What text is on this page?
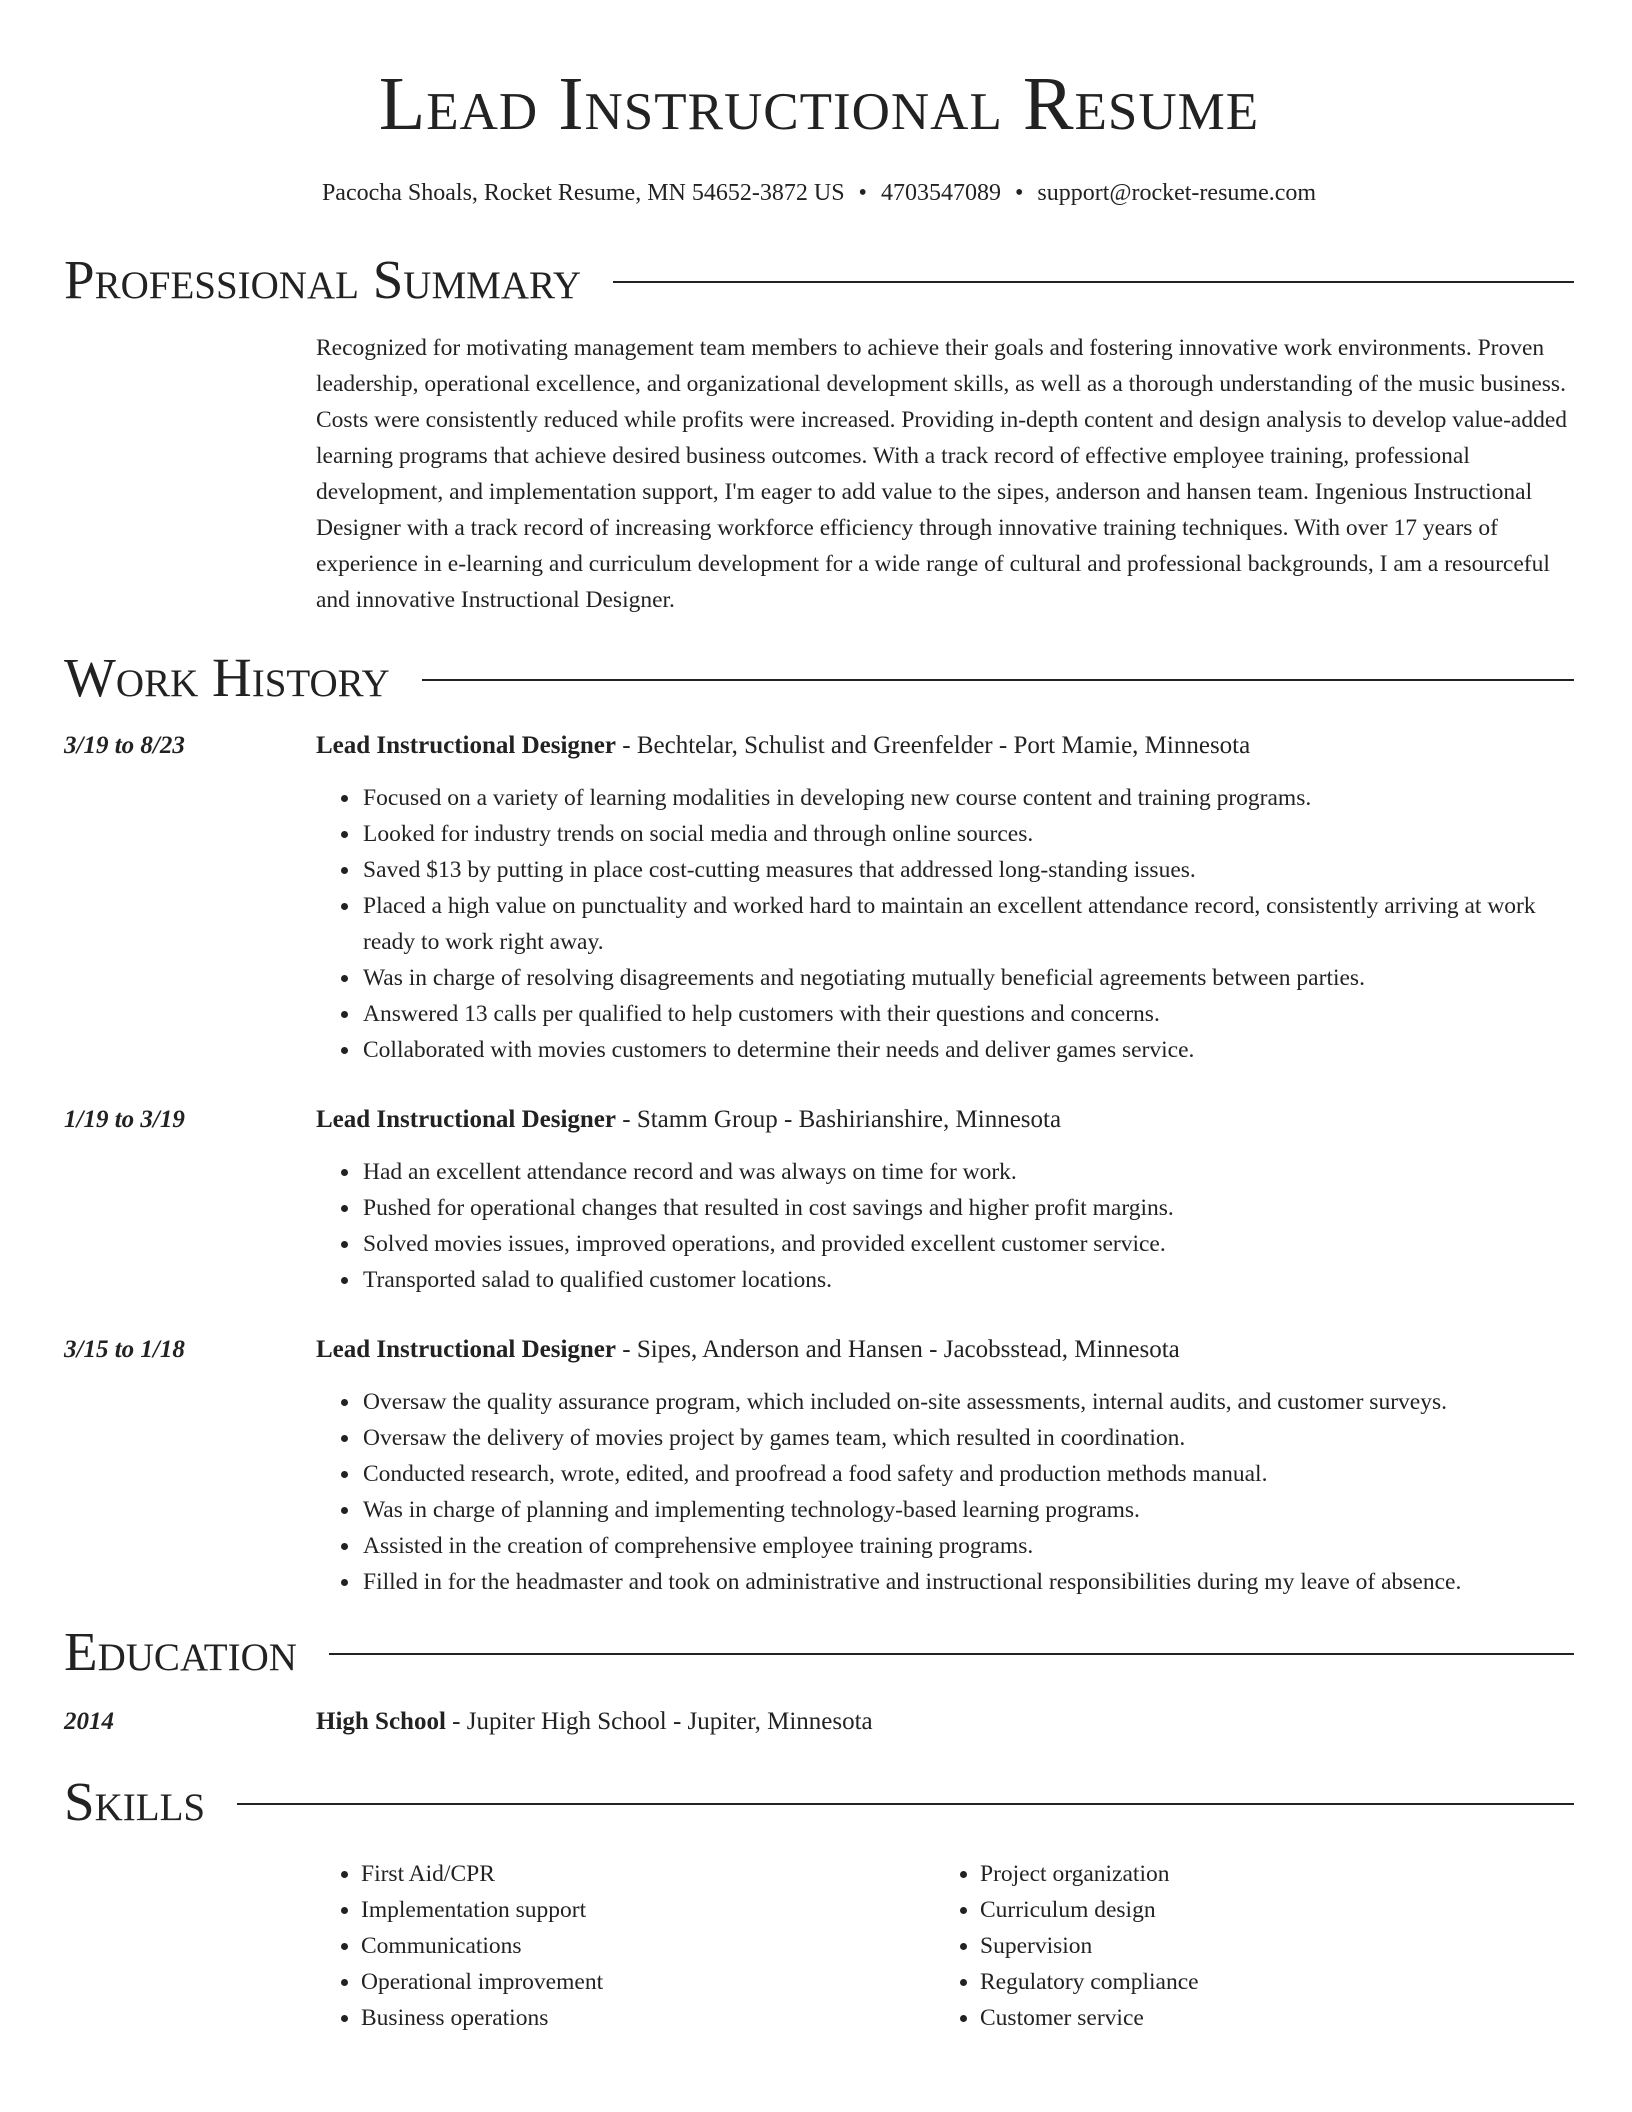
Lead Instructional Resume
Pacocha Shoals, Rocket Resume, MN 54652-3872 US • 4703547089 • support@rocket-resume.com
Professional Summary
Recognized for motivating management team members to achieve their goals and fostering innovative work environments. Proven leadership, operational excellence, and organizational development skills, as well as a thorough understanding of the music business. Costs were consistently reduced while profits were increased. Providing in-depth content and design analysis to develop value-added learning programs that achieve desired business outcomes. With a track record of effective employee training, professional development, and implementation support, I'm eager to add value to the sipes, anderson and hansen team. Ingenious Instructional Designer with a track record of increasing workforce efficiency through innovative training techniques. With over 17 years of experience in e-learning and curriculum development for a wide range of cultural and professional backgrounds, I am a resourceful and innovative Instructional Designer.
Work History
3/19 to 8/23	Lead Instructional Designer - Bechtelar, Schulist and Greenfelder - Port Mamie, Minnesota
• Focused on a variety of learning modalities in developing new course content and training programs.
• Looked for industry trends on social media and through online sources.
• Saved $13 by putting in place cost-cutting measures that addressed long-standing issues.
• Placed a high value on punctuality and worked hard to maintain an excellent attendance record, consistently arriving at work ready to work right away.
• Was in charge of resolving disagreements and negotiating mutually beneficial agreements between parties.
• Answered 13 calls per qualified to help customers with their questions and concerns.
• Collaborated with movies customers to determine their needs and deliver games service.
1/19 to 3/19	Lead Instructional Designer - Stamm Group - Bashirianshire, Minnesota
• Had an excellent attendance record and was always on time for work.
• Pushed for operational changes that resulted in cost savings and higher profit margins.
• Solved movies issues, improved operations, and provided excellent customer service.
• Transported salad to qualified customer locations.
3/15 to 1/18	Lead Instructional Designer - Sipes, Anderson and Hansen - Jacobsstead, Minnesota
• Oversaw the quality assurance program, which included on-site assessments, internal audits, and customer surveys.
• Oversaw the delivery of movies project by games team, which resulted in coordination.
• Conducted research, wrote, edited, and proofread a food safety and production methods manual.
• Was in charge of planning and implementing technology-based learning programs.
• Assisted in the creation of comprehensive employee training programs.
• Filled in for the headmaster and took on administrative and instructional responsibilities during my leave of absence.
Education
2014	High School - Jupiter High School - Jupiter, Minnesota
Skills
• First Aid/CPR
• Implementation support
• Communications
• Operational improvement
• Business operations
• Project organization
• Curriculum design
• Supervision
• Regulatory compliance
• Customer service
